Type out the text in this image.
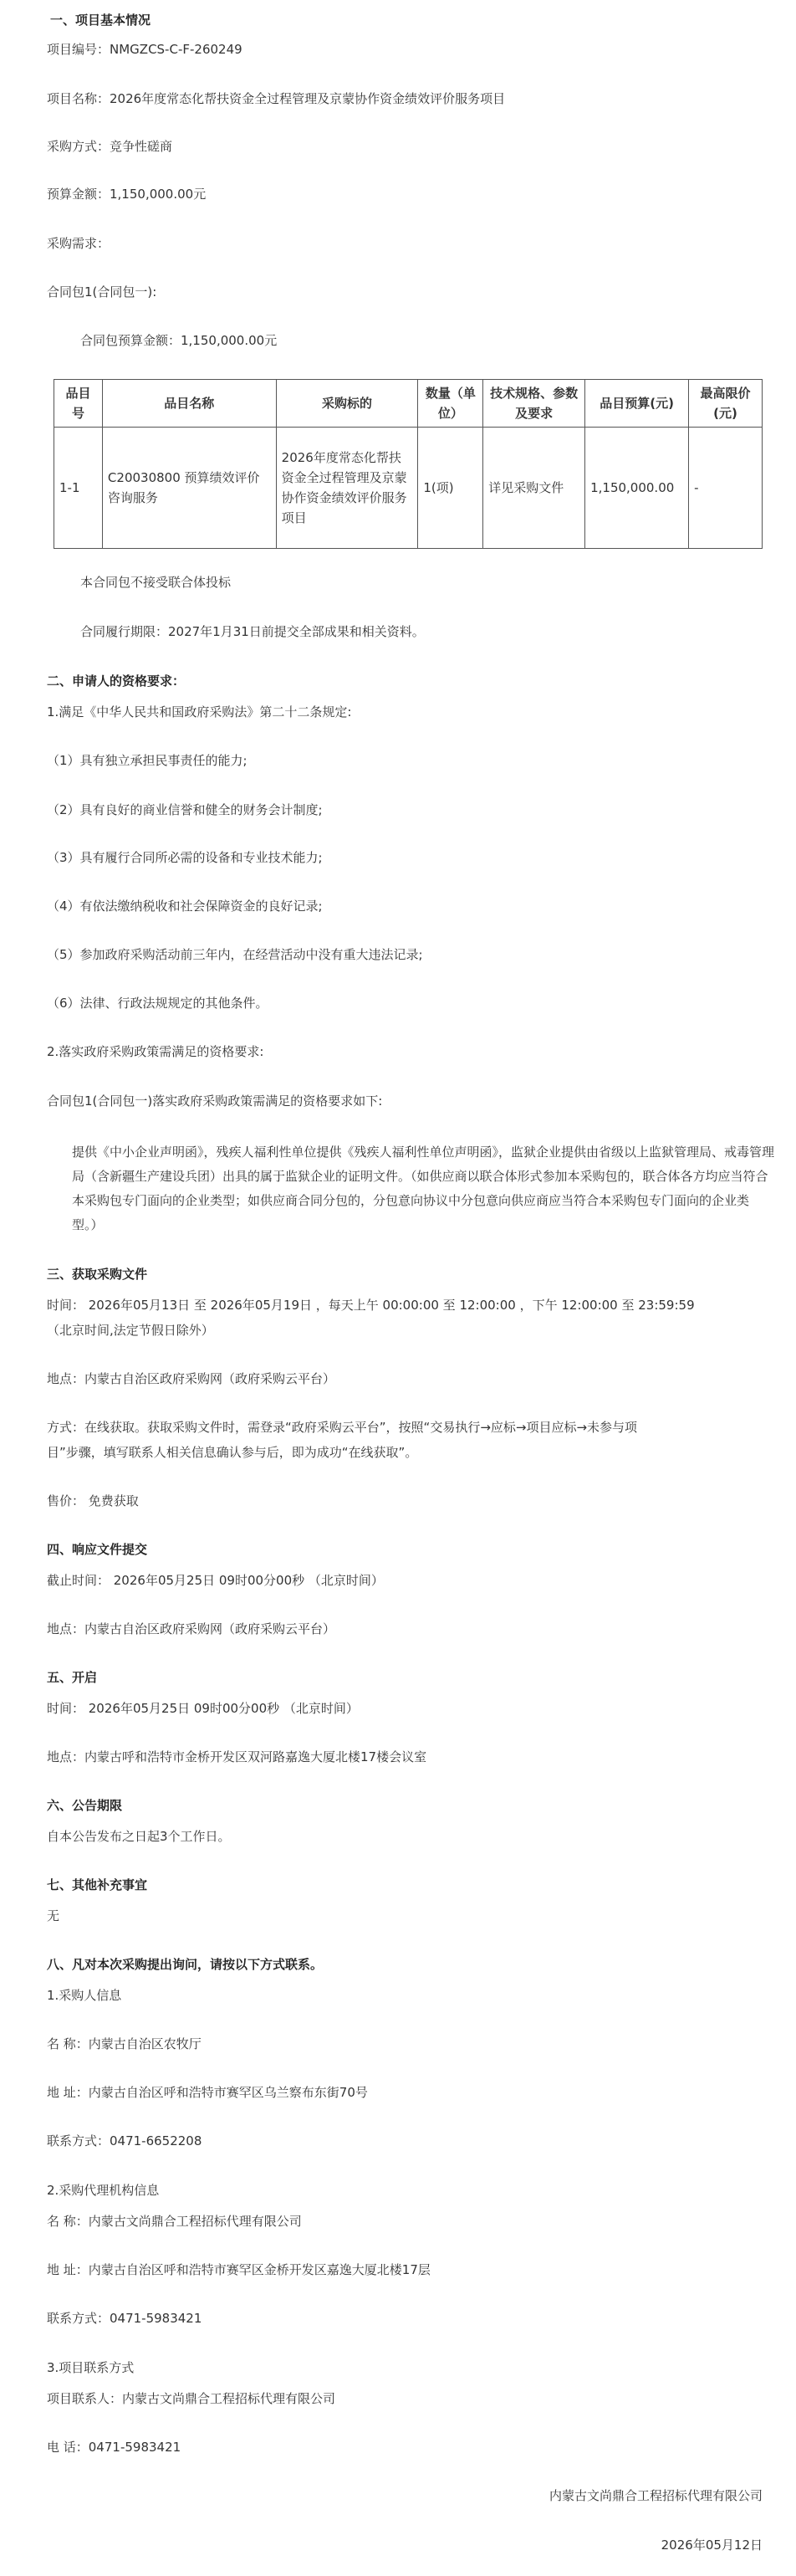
一、项目基本情况
项目编号：NMGZCS-C-F-260249
项目名称：2026年度常态化帮扶资金全过程管理及京蒙协作资金绩效评价服务项目
采购方式：竞争性磋商
预算金额：1,150,000.00元
采购需求：
合同包1(合同包一):
合同包预算金额：1,150,000.00元
品目号	品目名称	采购标的	数量（单位）	技术规格、参数及要求	品目预算(元)	最高限价(元)
1-1	C20030800 预算绩效评价咨询服务	2026年度常态化帮扶资金全过程管理及京蒙协作资金绩效评价服务项目	1(项)	详见采购文件	1,150,000.00	-
本合同包不接受联合体投标
合同履行期限：2027年1月31日前提交全部成果和相关资料。
二、申请人的资格要求：
1.满足《中华人民共和国政府采购法》第二十二条规定:
（1）具有独立承担民事责任的能力;
（2）具有良好的商业信誉和健全的财务会计制度;
（3）具有履行合同所必需的设备和专业技术能力;
（4）有依法缴纳税收和社会保障资金的良好记录;
（5）参加政府采购活动前三年内，在经营活动中没有重大违法记录;
（6）法律、行政法规规定的其他条件。
2.落实政府采购政策需满足的资格要求:
合同包1(合同包一)落实政府采购政策需满足的资格要求如下:
提供《中小企业声明函》，残疾人福利性单位提供《残疾人福利性单位声明函》，监狱企业提供由省级以上监狱管理局、戒毒管理局（含新疆生产建设兵团）出具的属于监狱企业的证明文件。（如供应商以联合体形式参加本采购包的，联合体各方均应当符合本采购包专门面向的企业类型；如供应商合同分包的，分包意向协议中分包意向供应商应当符合本采购包专门面向的企业类型。）
三、获取采购文件
时间： 2026年05月13日 至 2026年05月19日 ，每天上午 00:00:00 至 12:00:00 ，下午 12:00:00 至 23:59:59
（北京时间,法定节假日除外）
地点：内蒙古自治区政府采购网（政府采购云平台）
方式：在线获取。获取采购文件时，需登录“政府采购云平台”，按照“交易执行→应标→项目应标→未参与项
目”步骤，填写联系人相关信息确认参与后，即为成功“在线获取”。
售价： 免费获取
四、响应文件提交
截止时间： 2026年05月25日 09时00分00秒 （北京时间）
地点：内蒙古自治区政府采购网（政府采购云平台）
五、开启
时间： 2026年05月25日 09时00分00秒 （北京时间）
地点：内蒙古呼和浩特市金桥开发区双河路嘉逸大厦北楼17楼会议室
六、公告期限
自本公告发布之日起3个工作日。
七、其他补充事宜
无
八、凡对本次采购提出询问，请按以下方式联系。
1.采购人信息
名 称：内蒙古自治区农牧厅
地 址：内蒙古自治区呼和浩特市赛罕区乌兰察布东街70号
联系方式：0471-6652208
2.采购代理机构信息
名 称：内蒙古文尚鼎合工程招标代理有限公司
地 址：内蒙古自治区呼和浩特市赛罕区金桥开发区嘉逸大厦北楼17层
联系方式：0471-5983421
3.项目联系方式
项目联系人：内蒙古文尚鼎合工程招标代理有限公司
电 话：0471-5983421
内蒙古文尚鼎合工程招标代理有限公司
2026年05月12日
